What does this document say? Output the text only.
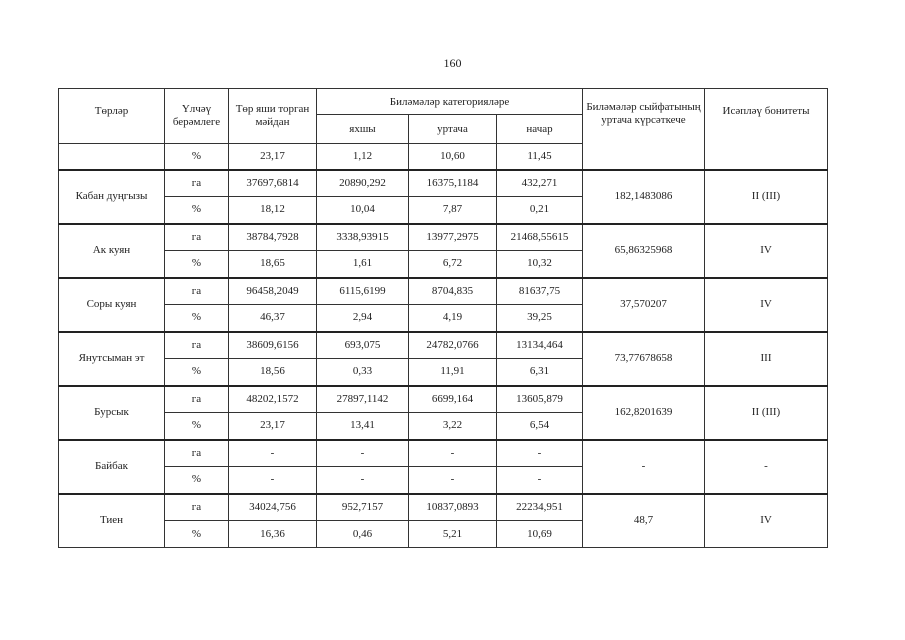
160
Төрләр	Үлчәү берәмлеге	Төр яши торган мәйдан	Биләмәләр категорияләре			Биләмәләр сыйфатының уртача күрсәткече	Исәпләү бонитеты
			яхшы	уртача	начар		
	%	23,17	1,12	10,60	11,45		
Кабан дуңгызы	га	37697,6814	20890,292	16375,1184	432,271	182,1483086	II (III)
	%	18,12	10,04	7,87	0,21		
Ак куян	га	38784,7928	3338,93915	13977,2975	21468,55615	65,86325968	IV
	%	18,65	1,61	6,72	10,32		
Соры куян	га	96458,2049	6115,6199	8704,835	81637,75	37,570207	IV
	%	46,37	2,94	4,19	39,25		
Янутсыман эт	га	38609,6156	693,075	24782,0766	13134,464	73,77678658	III
	%	18,56	0,33	11,91	6,31		
Бурсык	га	48202,1572	27897,1142	6699,164	13605,879	162,8201639	II (III)
	%	23,17	13,41	3,22	6,54		
Байбак	га	-	-	-	-	-	-
	%	-	-	-	-		
Тиен	га	34024,756	952,7157	10837,0893	22234,951	48,7	IV
	%	16,36	0,46	5,21	10,69		
